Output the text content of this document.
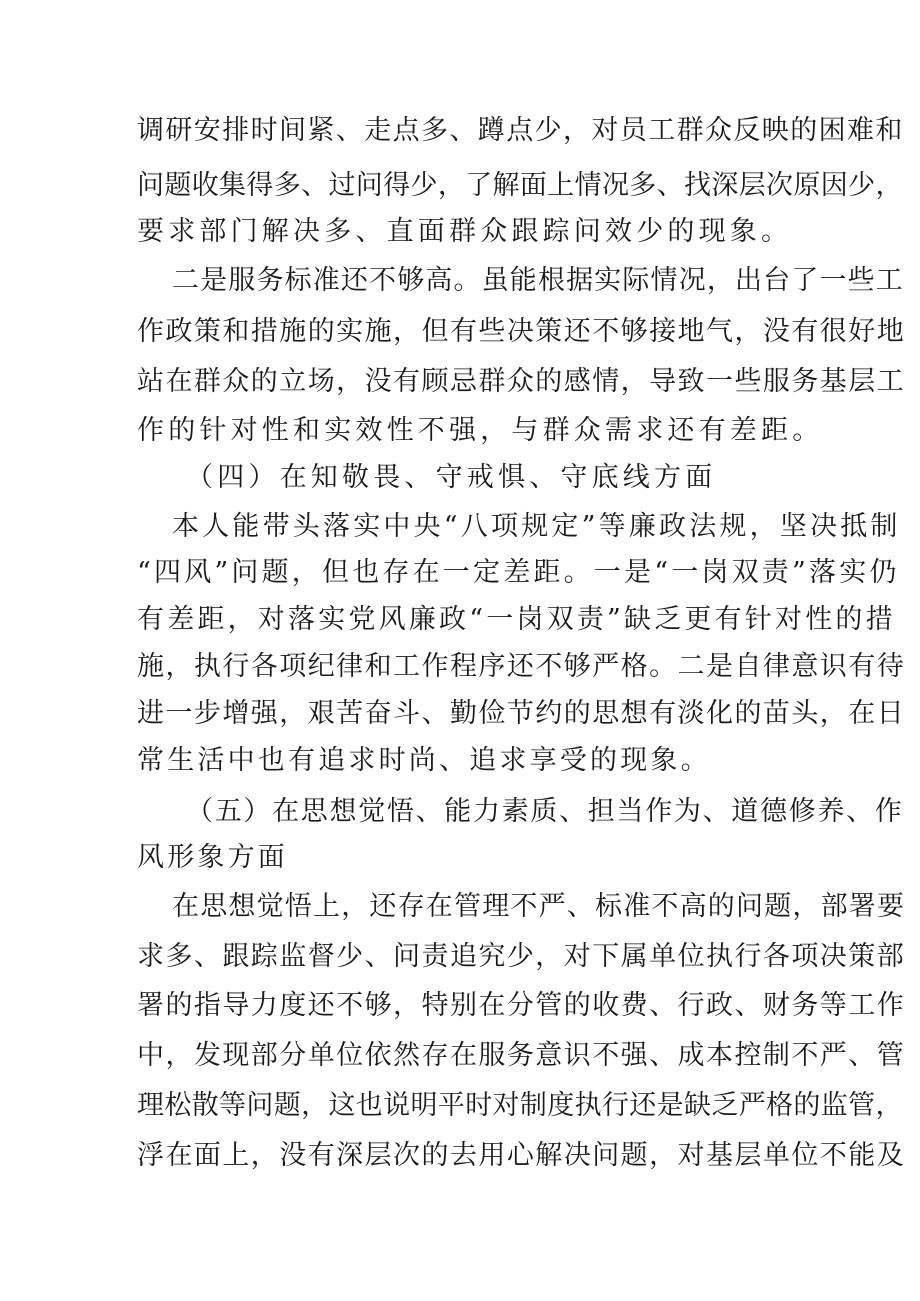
调研安排时间紧、走点多、蹲点少，对员工群众反映的困难和
问题收集得多、过问得少，了解面上情况多、找深层次原因少，
要求部门解决多、直面群众跟踪问效少的现象。
二是服务标准还不够高。虽能根据实际情况，出台了一些工
作政策和措施的实施，但有些决策还不够接地气，没有很好地
站在群众的立场，没有顾忌群众的感情，导致一些服务基层工
作的针对性和实效性不强，与群众需求还有差距。
（四）在知敬畏、守戒惧、守底线方面
本人能带头落实中央“八项规定”等廉政法规，坚决抵制
“四风”问题，但也存在一定差距。一是“一岗双责”落实仍
有差距，对落实党风廉政“一岗双责”缺乏更有针对性的措
施，执行各项纪律和工作程序还不够严格。二是自律意识有待
进一步增强，艰苦奋斗、勤俭节约的思想有淡化的苗头，在日
常生活中也有追求时尚、追求享受的现象。
（五）在思想觉悟、能力素质、担当作为、道德修养、作
风形象方面
在思想觉悟上，还存在管理不严、标准不高的问题，部署要
求多、跟踪监督少、问责追究少，对下属单位执行各项决策部
署的指导力度还不够，特别在分管的收费、行政、财务等工作
中，发现部分单位依然存在服务意识不强、成本控制不严、管
理松散等问题，这也说明平时对制度执行还是缺乏严格的监管，
浮在面上，没有深层次的去用心解决问题，对基层单位不能及
